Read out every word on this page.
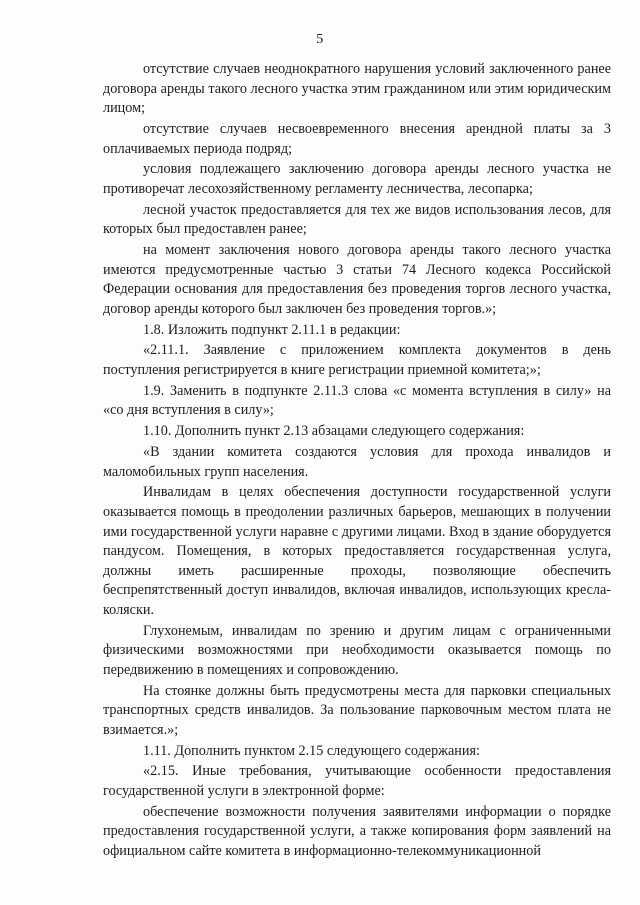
5

отсутствие случаев неоднократного нарушения условий заключенного ранее договора аренды такого лесного участка этим гражданином или этим юридическим лицом;

отсутствие случаев несвоевременного внесения арендной платы за 3 оплачиваемых периода подряд;

условия подлежащего заключению договора аренды лесного участка не противоречат лесохозяйственному регламенту лесничества, лесопарка;

лесной участок предоставляется для тех же видов использования лесов, для которых был предоставлен ранее;

на момент заключения нового договора аренды такого лесного участка имеются предусмотренные частью 3 статьи 74 Лесного кодекса Российской Федерации основания для предоставления без проведения торгов лесного участка, договор аренды которого был заключен без проведения торгов.»;

1.8. Изложить подпункт 2.11.1 в редакции:

«2.11.1. Заявление с приложением комплекта документов в день поступления регистрируется в книге регистрации приемной комитета;»;

1.9. Заменить в подпункте 2.11.3 слова «с момента вступления в силу» на «со дня вступления в силу»;

1.10. Дополнить пункт 2.13 абзацами следующего содержания:

«В здании комитета создаются условия для прохода инвалидов и маломобильных групп населения.

Инвалидам в целях обеспечения доступности государственной услуги оказывается помощь в преодолении различных барьеров, мешающих в получении ими государственной услуги наравне с другими лицами. Вход в здание оборудуется пандусом. Помещения, в которых предоставляется государственная услуга, должны иметь расширенные проходы, позволяющие обеспечить беспрепятственный доступ инвалидов, включая инвалидов, использующих кресла-коляски.

Глухонемым, инвалидам по зрению и другим лицам с ограниченными физическими возможностями при необходимости оказывается помощь по передвижению в помещениях и сопровождению.

На стоянке должны быть предусмотрены места для парковки специальных транспортных средств инвалидов. За пользование парковочным местом плата не взимается.»;

1.11. Дополнить пунктом 2.15 следующего содержания:

«2.15. Иные требования, учитывающие особенности предоставления государственной услуги в электронной форме:

обеспечение возможности получения заявителями информации о порядке предоставления государственной услуги, а также копирования форм заявлений на официальном сайте комитета в информационно-телекоммуникационной
